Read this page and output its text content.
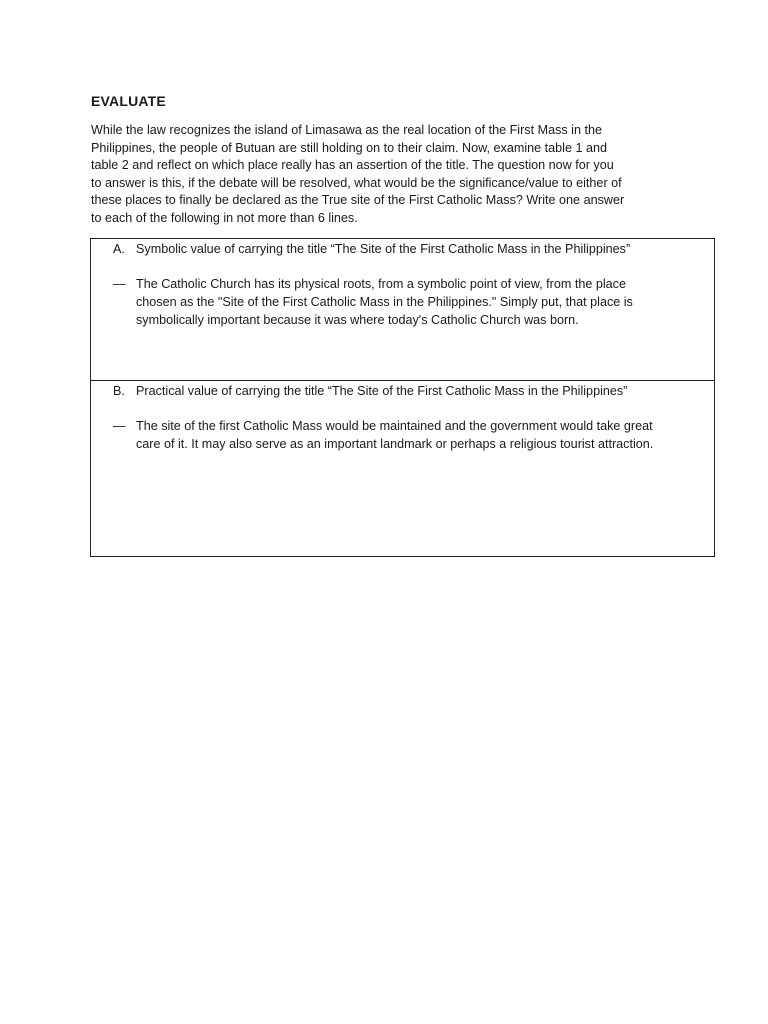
EVALUATE

While the law recognizes the island of Limasawa as the real location of the First Mass in the
Philippines, the people of Butuan are still holding on to their claim. Now, examine table 1 and
table 2 and reflect on which place really has an assertion of the title. The question now for you
to answer is this, if the debate will be resolved, what would be the significance/value to either of
these places to finally be declared as the True site of the First Catholic Mass? Write one answer
to each of the following in not more than 6 lines.

A. Symbolic value of carrying the title “The Site of the First Catholic Mass in the Philippines”
— The Catholic Church has its physical roots, from a symbolic point of view, from the place
chosen as the "Site of the First Catholic Mass in the Philippines." Simply put, that place is
symbolically important because it was where today's Catholic Church was born.
B. Practical value of carrying the title “The Site of the First Catholic Mass in the Philippines”
— The site of the first Catholic Mass would be maintained and the government would take great
care of it. It may also serve as an important landmark or perhaps a religious tourist attraction.
